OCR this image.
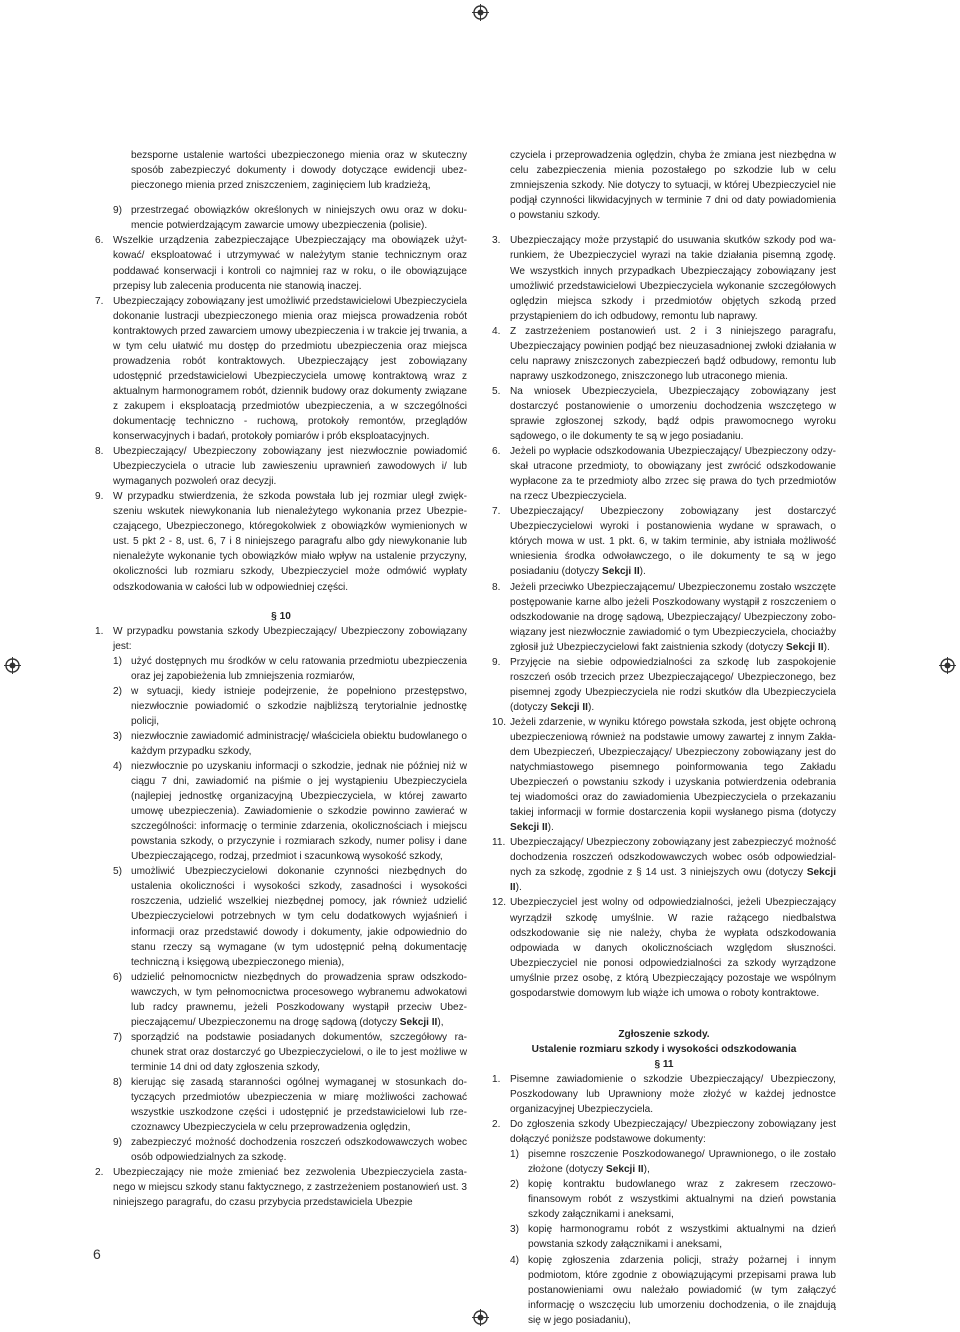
bezsporne ustalenie wartości ubezpieczonego mienia oraz w skuteczny sposób zabezpieczyć dokumenty i dowody dotyczące ewidencji ubezpieczonego mienia przed zniszczeniem, zaginięciem lub kradzieżą,

9) przestrzegać obowiązków określonych w niniejszych owu oraz w dokumencie potwierdzającym zawarcie umowy ubezpieczenia (polisie).

6. Wszelkie urządzenia zabezpieczające Ubezpieczający ma obowiązek użytkować/ eksploatować i utrzymywać w należytym stanie technicznym oraz poddawać konserwacji i kontroli co najmniej raz w roku, o ile obowiązujące przepisy lub zalecenia producenta nie stanowią inaczej.

7. Ubezpieczający zobowiązany jest umożliwić przedstawicielowi Ubezpieczyciela dokonanie lustracji ubezpieczonego mienia oraz miejsca prowadzenia robót kontraktowych przed zawarciem umowy ubezpieczenia i w trakcie jej trwania, a w tym celu ułatwić mu dostęp do przedmiotu ubezpieczenia oraz miejsca prowadzenia robót kontraktowych. Ubezpieczający jest zobowiązany udostępnić przedstawicielowi Ubezpieczyciela umowę kontraktową wraz z aktualnym harmonogramem robót, dziennik budowy oraz dokumenty związane z zakupem i eksploatacją przedmiotów ubezpieczenia, a w szczególności dokumentację techniczno - ruchową, protokoły remontów, przeglądów konserwacyjnych i badań, protokoły pomiarów i prób eksploatacyjnych.

8. Ubezpieczający/ Ubezpieczony zobowiązany jest niezwłocznie powiadomić Ubezpieczyciela o utracie lub zawieszeniu uprawnień zawodowych i/ lub wymaganych pozwoleń oraz decyzji.

9. W przypadku stwierdzenia, że szkoda powstała lub jej rozmiar uległ zwiększeniu wskutek niewykonania lub nienależytego wykonania przez Ubezpieczającego, Ubezpieczonego, któregokolwiek z obowiązków wymienionych w ust. 5 pkt 2 - 8, ust. 6, 7 i 8 niniejszego paragrafu albo gdy niewykonanie lub nienależyte wykonanie tych obowiązków miało wpływ na ustalenie przyczyny, okoliczności lub rozmiaru szkody, Ubezpieczyciel może odmówić wypłaty odszkodowania w całości lub w odpowiedniej części.

§ 10

1. W przypadku powstania szkody Ubezpieczający/ Ubezpieczony zobowiązany jest:

1) użyć dostępnych mu środków w celu ratowania przedmiotu ubezpieczenia oraz jej zapobieżenia lub zmniejszenia rozmiarów,

2) w sytuacji, kiedy istnieje podejrzenie, że popełniono przestępstwo, niezwłocznie powiadomić o szkodzie najbliższą terytorialnie jednostkę policji,

3) niezwłocznie zawiadomić administrację/ właściciela obiektu budowlanego o każdym przypadku szkody,

4) niezwłocznie po uzyskaniu informacji o szkodzie, jednak nie później niż w ciągu 7 dni, zawiadomić na piśmie o jej wystąpieniu Ubezpieczyciela (najlepiej jednostkę organizacyjną Ubezpieczyciela, w której zawarto umowę ubezpieczenia). Zawiadomienie o szkodzie powinno zawierać w szczególności: informację o terminie zdarzenia, okolicznościach i miejscu powstania szkody, o przyczynie i rozmiarach szkody, numer polisy i dane Ubezpieczającego, rodzaj, przedmiot i szacunkową wysokość szkody,

5) umożliwić Ubezpieczycielowi dokonanie czynności niezbędnych do ustalenia okoliczności i wysokości szkody, zasadności i wysokości roszczenia, udzielić wszelkiej niezbędnej pomocy, jak również udzielić Ubezpieczycielowi potrzebnych w tym celu dodatkowych wyjaśnień i informacji oraz przedstawić dowody i dokumenty, jakie odpowiednio do stanu rzeczy są wymagane (w tym udostępnić pełną dokumentację techniczną i księgową ubezpieczonego mienia),

6) udzielić pełnomocnictw niezbędnych do prowadzenia spraw odszkodowawczych, w tym pełnomocnictwa procesowego wybranemu adwokatowi lub radcy prawnemu, jeżeli Poszkodowany wystąpił przeciw Ubezpieczającemu/ Ubezpieczonemu na drogę sądową (dotyczy Sekcji II),

7) sporządzić na podstawie posiadanych dokumentów, szczegółowy rachunek strat oraz dostarczyć go Ubezpieczycielowi, o ile to jest możliwe w terminie 14 dni od daty zgłoszenia szkody,

8) kierując się zasadą staranności ogólnej wymaganej w stosunkach dotyczących przedmiotów ubezpieczenia w miarę możliwości zachować wszystkie uszkodzone części i udostępnić je przedstawicielowi lub rzeczoznawcy Ubezpieczyciela w celu przeprowadzenia oględzin,

9) zabezpieczyć możność dochodzenia roszczeń odszkodowawczych wobec osób odpowiedzialnych za szkodę.

2. Ubezpieczający nie może zmieniać bez zezwolenia Ubezpieczyciela zastanego w miejscu szkody stanu faktycznego, z zastrzeżeniem postanowień ust. 3 niniejszego paragrafu, do czasu przybycia przedstawiciela Ubezpie

czyciela i przeprowadzenia oględzin, chyba że zmiana jest niezbędna w celu zabezpieczenia mienia pozostałego po szkodzie lub w celu zmniejszenia szkody. Nie dotyczy to sytuacji, w której Ubezpieczyciel nie podjął czynności likwidacyjnych w terminie 7 dni od daty powiadomienia o powstaniu szkody.

3. Ubezpieczający może przystąpić do usuwania skutków szkody pod warunkiem, że Ubezpieczyciel wyrazi na takie działania pisemną zgodę. We wszystkich innych przypadkach Ubezpieczający zobowiązany jest umożliwić przedstawicielowi Ubezpieczyciela wykonanie szczegółowych oględzin miejsca szkody i przedmiotów objętych szkodą przed przystąpieniem do ich odbudowy, remontu lub naprawy.

4. Z zastrzeżeniem postanowień ust. 2 i 3 niniejszego paragrafu, Ubezpieczający powinien podjąć bez nieuzasadnionej zwłoki działania w celu naprawy zniszczonych zabezpieczeń bądź odbudowy, remontu lub naprawy uszkodzonego, zniszczonego lub utraconego mienia.

5. Na wniosek Ubezpieczyciela, Ubezpieczający zobowiązany jest dostarczyć postanowienie o umorzeniu dochodzenia wszczętego w sprawie zgłoszonej szkody, bądź odpis prawomocnego wyroku sądowego, o ile dokumenty te są w jego posiadaniu.

6. Jeżeli po wypłacie odszkodowania Ubezpieczający/ Ubezpieczony odzyskał utracone przedmioty, to obowiązany jest zwrócić odszkodowanie wypłacone za te przedmioty albo zrzec się prawa do tych przedmiotów na rzecz Ubezpieczyciela.

7. Ubezpieczający/ Ubezpieczony zobowiązany jest dostarczyć Ubezpieczycielowi wyroki i postanowienia wydane w sprawach, o których mowa w ust. 1 pkt. 6, w takim terminie, aby istniała możliwość wniesienia środka odwoławczego, o ile dokumenty te są w jego posiadaniu (dotyczy Sekcji II).

8. Jeżeli przeciwko Ubezpieczającemu/ Ubezpieczonemu zostało wszczęte postępowanie karne albo jeżeli Poszkodowany wystąpił z roszczeniem o odszkodowanie na drogę sądową, Ubezpieczający/ Ubezpieczony zobowiązany jest niezwłocznie zawiadomić o tym Ubezpieczyciela, chociażby zgłosił już Ubezpieczycielowi fakt zaistnienia szkody (dotyczy Sekcji II).

9. Przyjęcie na siebie odpowiedzialności za szkodę lub zaspokojenie roszczeń osób trzecich przez Ubezpieczającego/ Ubezpieczonego, bez pisemnej zgody Ubezpieczyciela nie rodzi skutków dla Ubezpieczyciela (dotyczy Sekcji II).

10. Jeżeli zdarzenie, w wyniku którego powstała szkoda, jest objęte ochroną ubezpieczeniową również na podstawie umowy zawartej z innym Zakładem Ubezpieczeń, Ubezpieczający/ Ubezpieczony zobowiązany jest do natychmiastowego pisemnego poinformowania tego Zakładu Ubezpieczeń o powstaniu szkody i uzyskania potwierdzenia odebrania tej wiadomości oraz do zawiadomienia Ubezpieczyciela o przekazaniu takiej informacji w formie dostarczenia kopii wysłanego pisma (dotyczy Sekcji II).

11. Ubezpieczający/ Ubezpieczony zobowiązany jest zabezpieczyć możność dochodzenia roszczeń odszkodowawczych wobec osób odpowiedzialnych za szkodę, zgodnie z § 14 ust. 3 niniejszych owu (dotyczy Sekcji II).

12. Ubezpieczyciel jest wolny od odpowiedzialności, jeżeli Ubezpieczający wyrządził szkodę umyślnie. W razie rażącego niedbalstwa odszkodowanie się nie należy, chyba że wypłata odszkodowania odpowiada w danych okolicznościach względom słuszności. Ubezpieczyciel nie ponosi odpowiedzialności za szkody wyrządzone umyślnie przez osobę, z którą Ubezpieczający pozostaje we wspólnym gospodarstwie domowym lub wiąże ich umowa o roboty kontraktowe.

Zgłoszenie szkody.

Ustalenie rozmiaru szkody i wysokości odszkodowania

§ 11

1. Pisemne zawiadomienie o szkodzie Ubezpieczający/ Ubezpieczony, Poszkodowany lub Uprawniony może złożyć w każdej jednostce organizacyjnej Ubezpieczyciela.

2. Do zgłoszenia szkody Ubezpieczający/ Ubezpieczony zobowiązany jest dołączyć poniższe podstawowe dokumenty:

1) pisemne roszczenie Poszkodowanego/ Uprawnionego, o ile zostało złożone (dotyczy Sekcji II),

2) kopię kontraktu budowlanego wraz z zakresem rzeczowo-finansowym robót z wszystkimi aktualnymi na dzień powstania szkody załącznikami i aneksami,

3) kopię harmonogramu robót z wszystkimi aktualnymi na dzień powstania szkody załącznikami i aneksami,

4) kopię zgłoszenia zdarzenia policji, straży pożarnej i innym podmiotom, które zgodnie z obowiązującymi przepisami prawa lub postanowieniami owu należało powiadomić (w tym załączyć informację o wszczęciu lub umorzeniu dochodzenia, o ile znajdują się w jego posiadaniu),

6
